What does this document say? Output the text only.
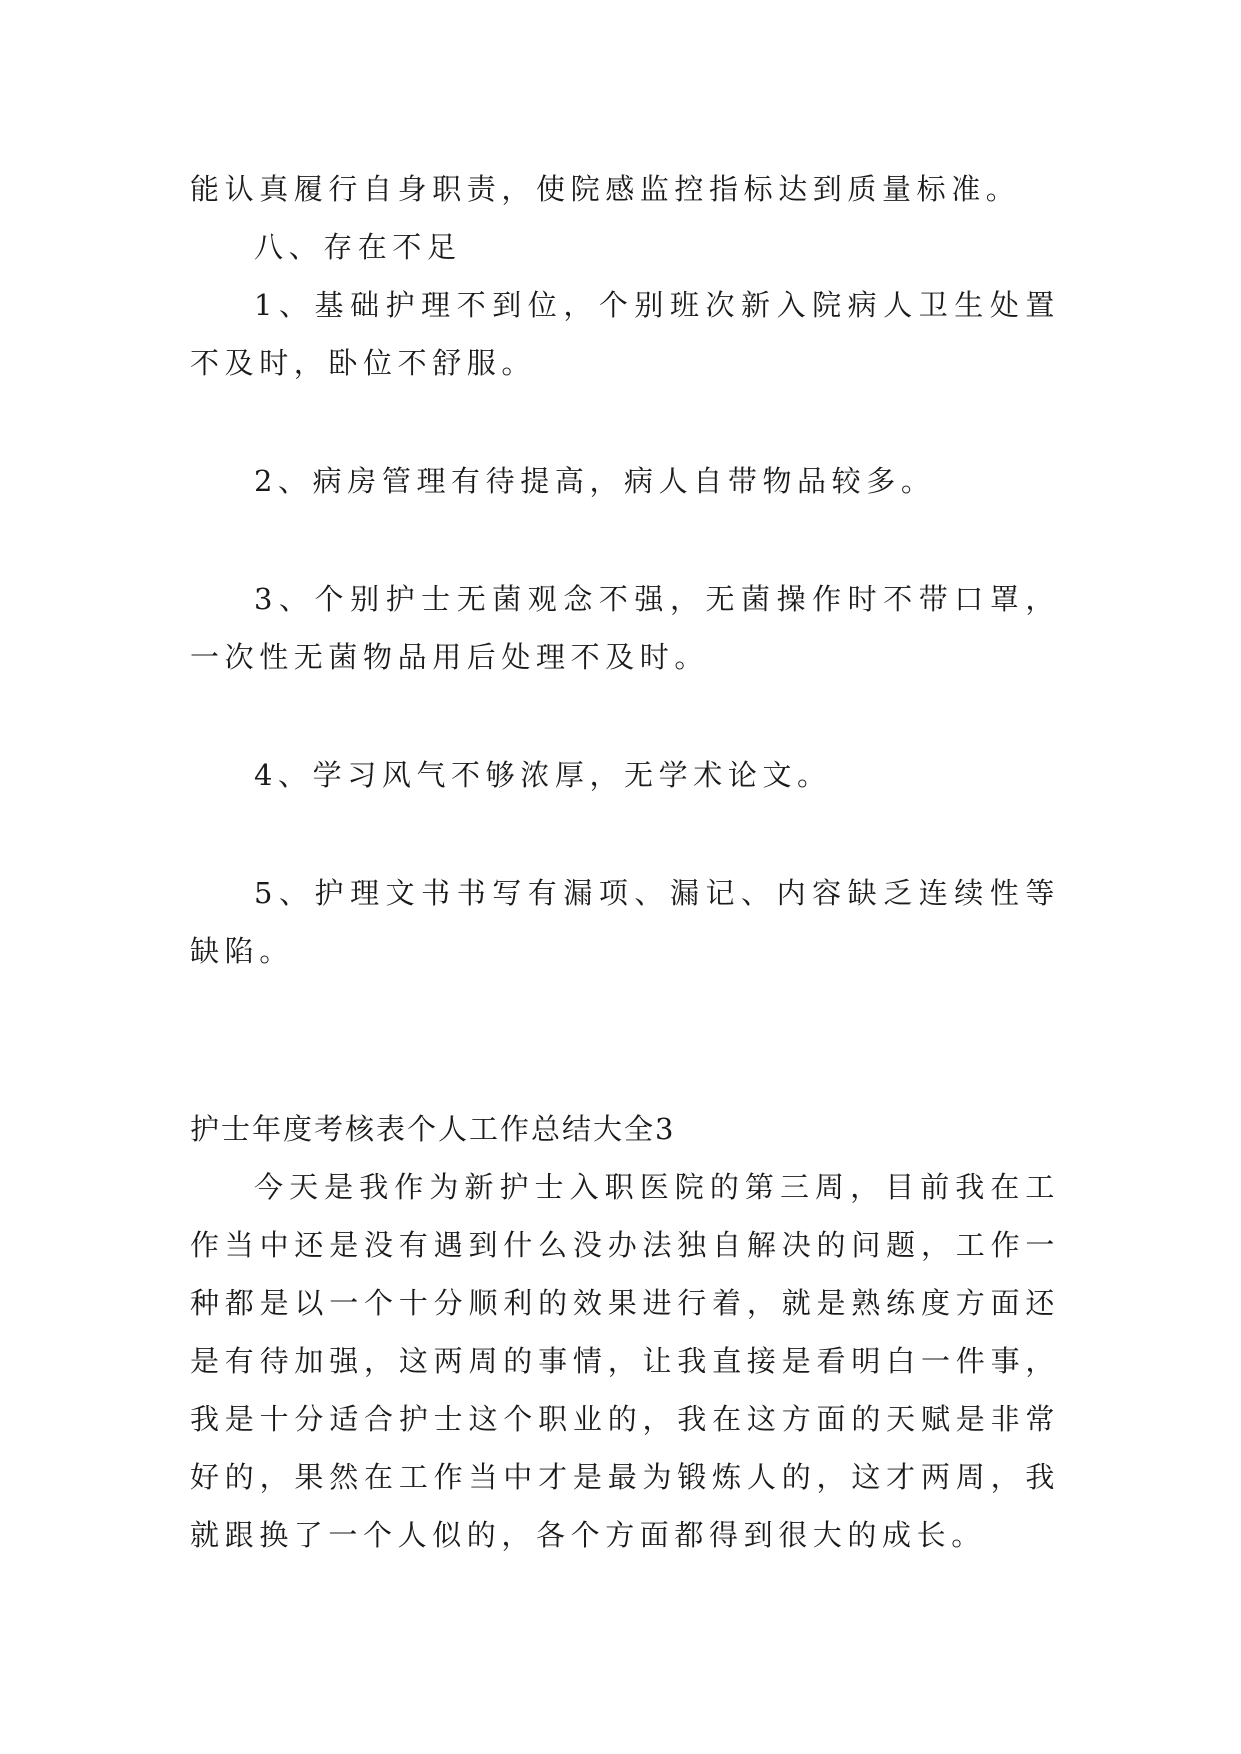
能认真履行自身职责，使院感监控指标达到质量标准。

八、存在不足

1、基础护理不到位，个别班次新入院病人卫生处置不及时，卧位不舒服。

2、病房管理有待提高，病人自带物品较多。

3、个别护士无菌观念不强，无菌操作时不带口罩，一次性无菌物品用后处理不及时。

4、学习风气不够浓厚，无学术论文。

5、护理文书书写有漏项、漏记、内容缺乏连续性等缺陷。

护士年度考核表个人工作总结大全3

今天是我作为新护士入职医院的第三周，目前我在工作当中还是没有遇到什么没办法独自解决的问题，工作一种都是以一个十分顺利的效果进行着，就是熟练度方面还是有待加强，这两周的事情，让我直接是看明白一件事，我是十分适合护士这个职业的，我在这方面的天赋是非常好的，果然在工作当中才是最为锻炼人的，这才两周，我就跟换了一个人似的，各个方面都得到很大的成长。
